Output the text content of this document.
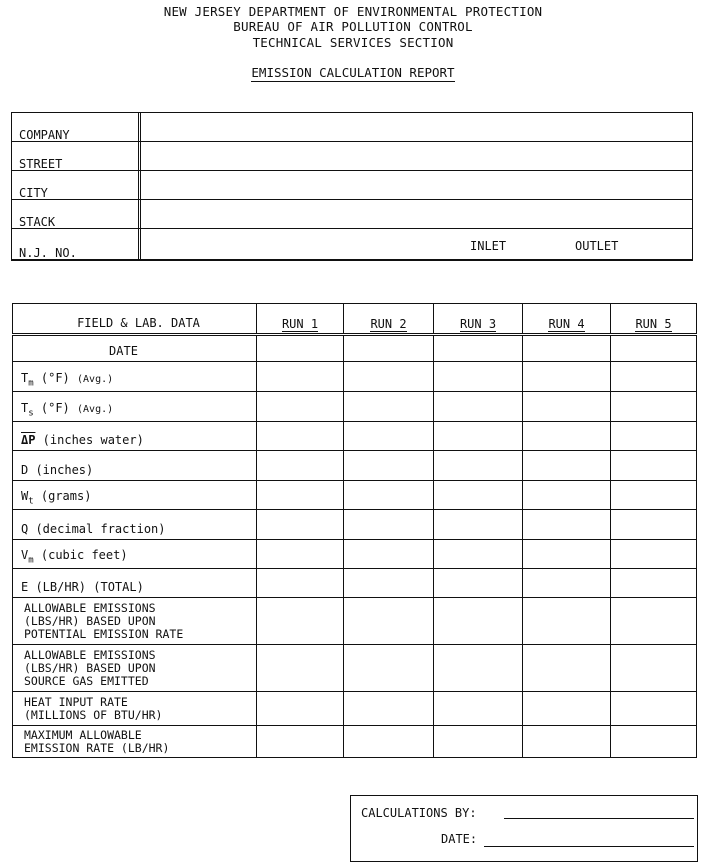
NEW JERSEY DEPARTMENT OF ENVIRONMENTAL PROTECTION
BUREAU OF AIR POLLUTION CONTROL
TECHNICAL SERVICES SECTION
EMISSION CALCULATION REPORT
COMPANY
STREET
CITY
STACK
N.J. NO.	INLET	OUTLET
FIELD & LAB. DATA	RUN 1	RUN 2	RUN 3	RUN 4	RUN 5
DATE					
$T_m$ (°F) (Avg.)					
$T_s$ (°F) (Avg.)					
$\overline{\Delta P}$ (inches water)					
D (inches)					
$W_t$ (grams)					
Q (decimal fraction)					
$V_m$ (cubic feet)					
E (LB/HR) (TOTAL)					
ALLOWABLE EMISSIONS
(LBS/HR) BASED UPON
POTENTIAL EMISSION RATE					
ALLOWABLE EMISSIONS
(LBS/HR) BASED UPON
SOURCE GAS EMITTED					
HEAT INPUT RATE
(MILLIONS OF BTU/HR)					
MAXIMUM ALLOWABLE
EMISSION RATE (LB/HR)					
CALCULATIONS BY:
DATE:
